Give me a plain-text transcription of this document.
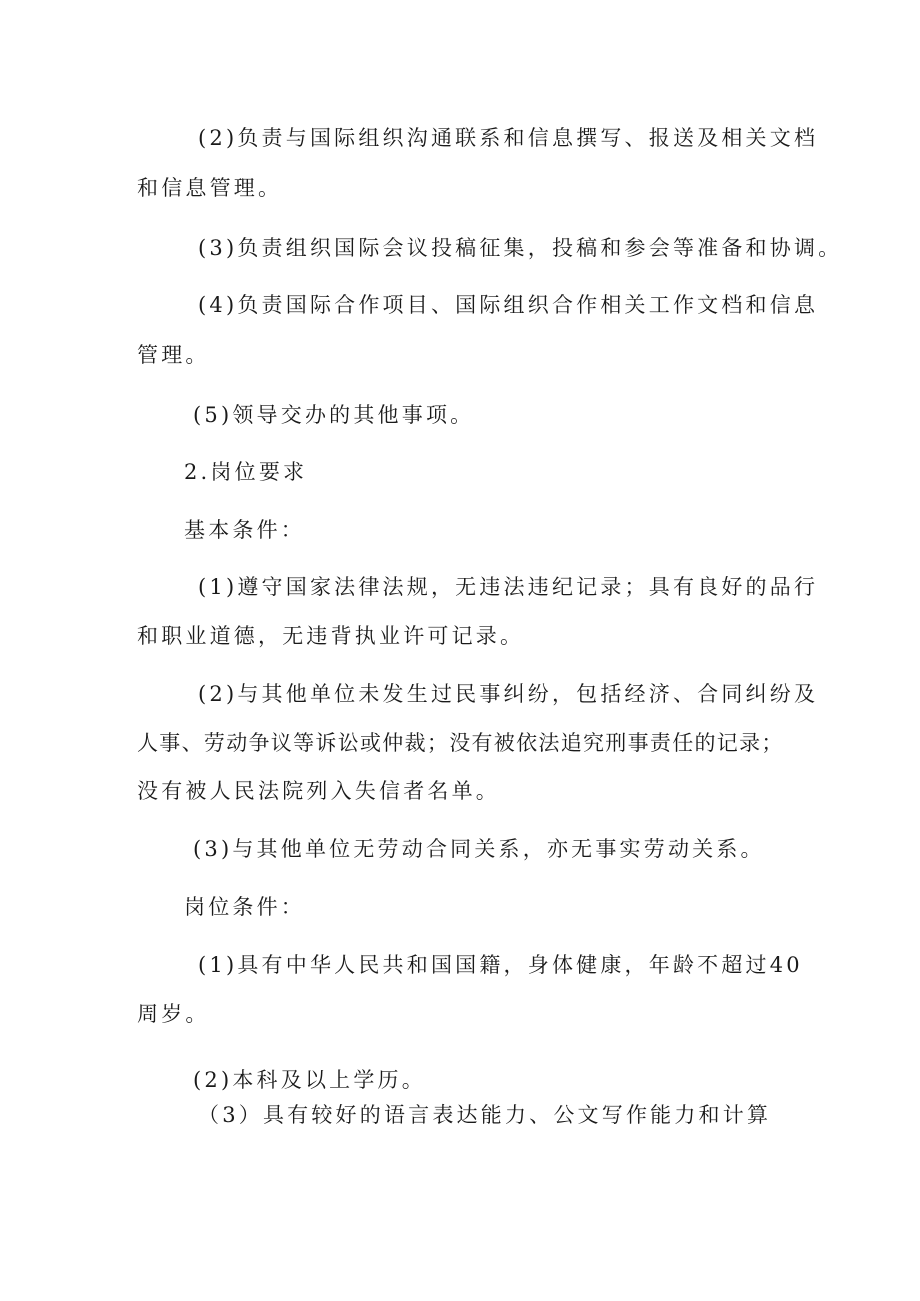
(2)负责与国际组织沟通联系和信息撰写、报送及相关文档
和信息管理。
(3)负责组织国际会议投稿征集，投稿和参会等准备和协调。
(4)负责国际合作项目、国际组织合作相关工作文档和信息
管理。
(5)领导交办的其他事项。
2.岗位要求
基本条件：
(1)遵守国家法律法规，无违法违纪记录；具有良好的品行
和职业道德，无违背执业许可记录。
(2)与其他单位未发生过民事纠纷，包括经济、合同纠纷及
人事、劳动争议等诉讼或仲裁；没有被依法追究刑事责任的记录；
没有被人民法院列入失信者名单。
(3)与其他单位无劳动合同关系，亦无事实劳动关系。
岗位条件：
(1)具有中华人民共和国国籍，身体健康，年龄不超过40
周岁。
(2)本科及以上学历。
（3）具有较好的语言表达能力、公文写作能力和计算
